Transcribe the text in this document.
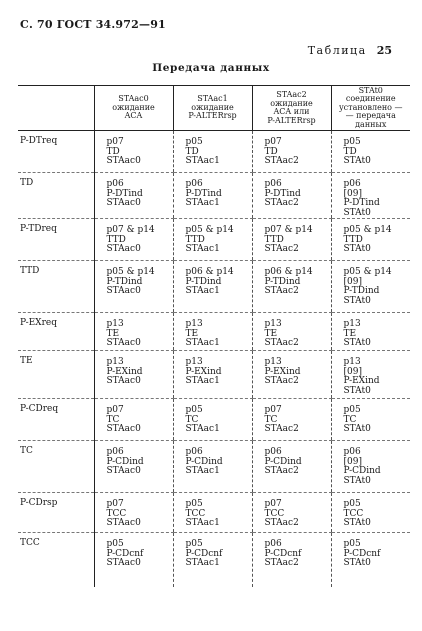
С. 70 ГОСТ 34.972—91
Таблица 25
Передача данных

	STAac0
ожидание
ACA	STAac1
ожидание
P-ALTERrsp	STAac2
ожидание
ACA или
P-ALTERrsp	STAt0
соединение
установлено —
— передача
данных

P-DTreq	p07
TD
STAac0	p05
TD
STAac1	p07
TD
STAac2	p05
TD
STAt0

TD	p06
P-DTind
STAac0	p06
P-DTind
STAac1	p06
P-DTind
STAac2	p06
[09]
P-DTind
STAt0

P-TDreq	p07 & p14
TTD
STAac0	p05 & p14
TTD
STAac1	p07 & p14
TTD
STAac2	p05 & p14
TTD
STAt0

TTD	p05 & p14
P-TDind
STAac0	p06 & p14
P-TDind
STAac1	p06 & p14
P-TDind
STAac2	p05 & p14
[09]
P-TDind
STAt0

P-EXreq	p13
TE
STAac0	p13
TE
STAac1	p13
TE
STAac2	p13
TE
STAt0

TE	p13
P-EXind
STAac0	p13
P-EXind
STAac1	p13
P-EXind
STAac2	p13
[09]
P-EXind
STAt0

P-CDreq	p07
TC
STAac0	p05
TC
STAac1	p07
TC
STAac2	p05
TC
STAt0

TC	p06
P-CDind
STAac0	p06
P-CDind
STAac1	p06
P-CDind
STAac2	p06
[09]
P-CDind
STAt0

P-CDrsp	p07
TCC
STAac0	p05
TCC
STAac1	p07
TCC
STAac2	p05
TCC
STAt0

TCC	p05
P-CDcnf
STAac0	p05
P-CDcnf
STAac1	p06
P-CDcnf
STAac2	p05
P-CDcnf
STAt0
